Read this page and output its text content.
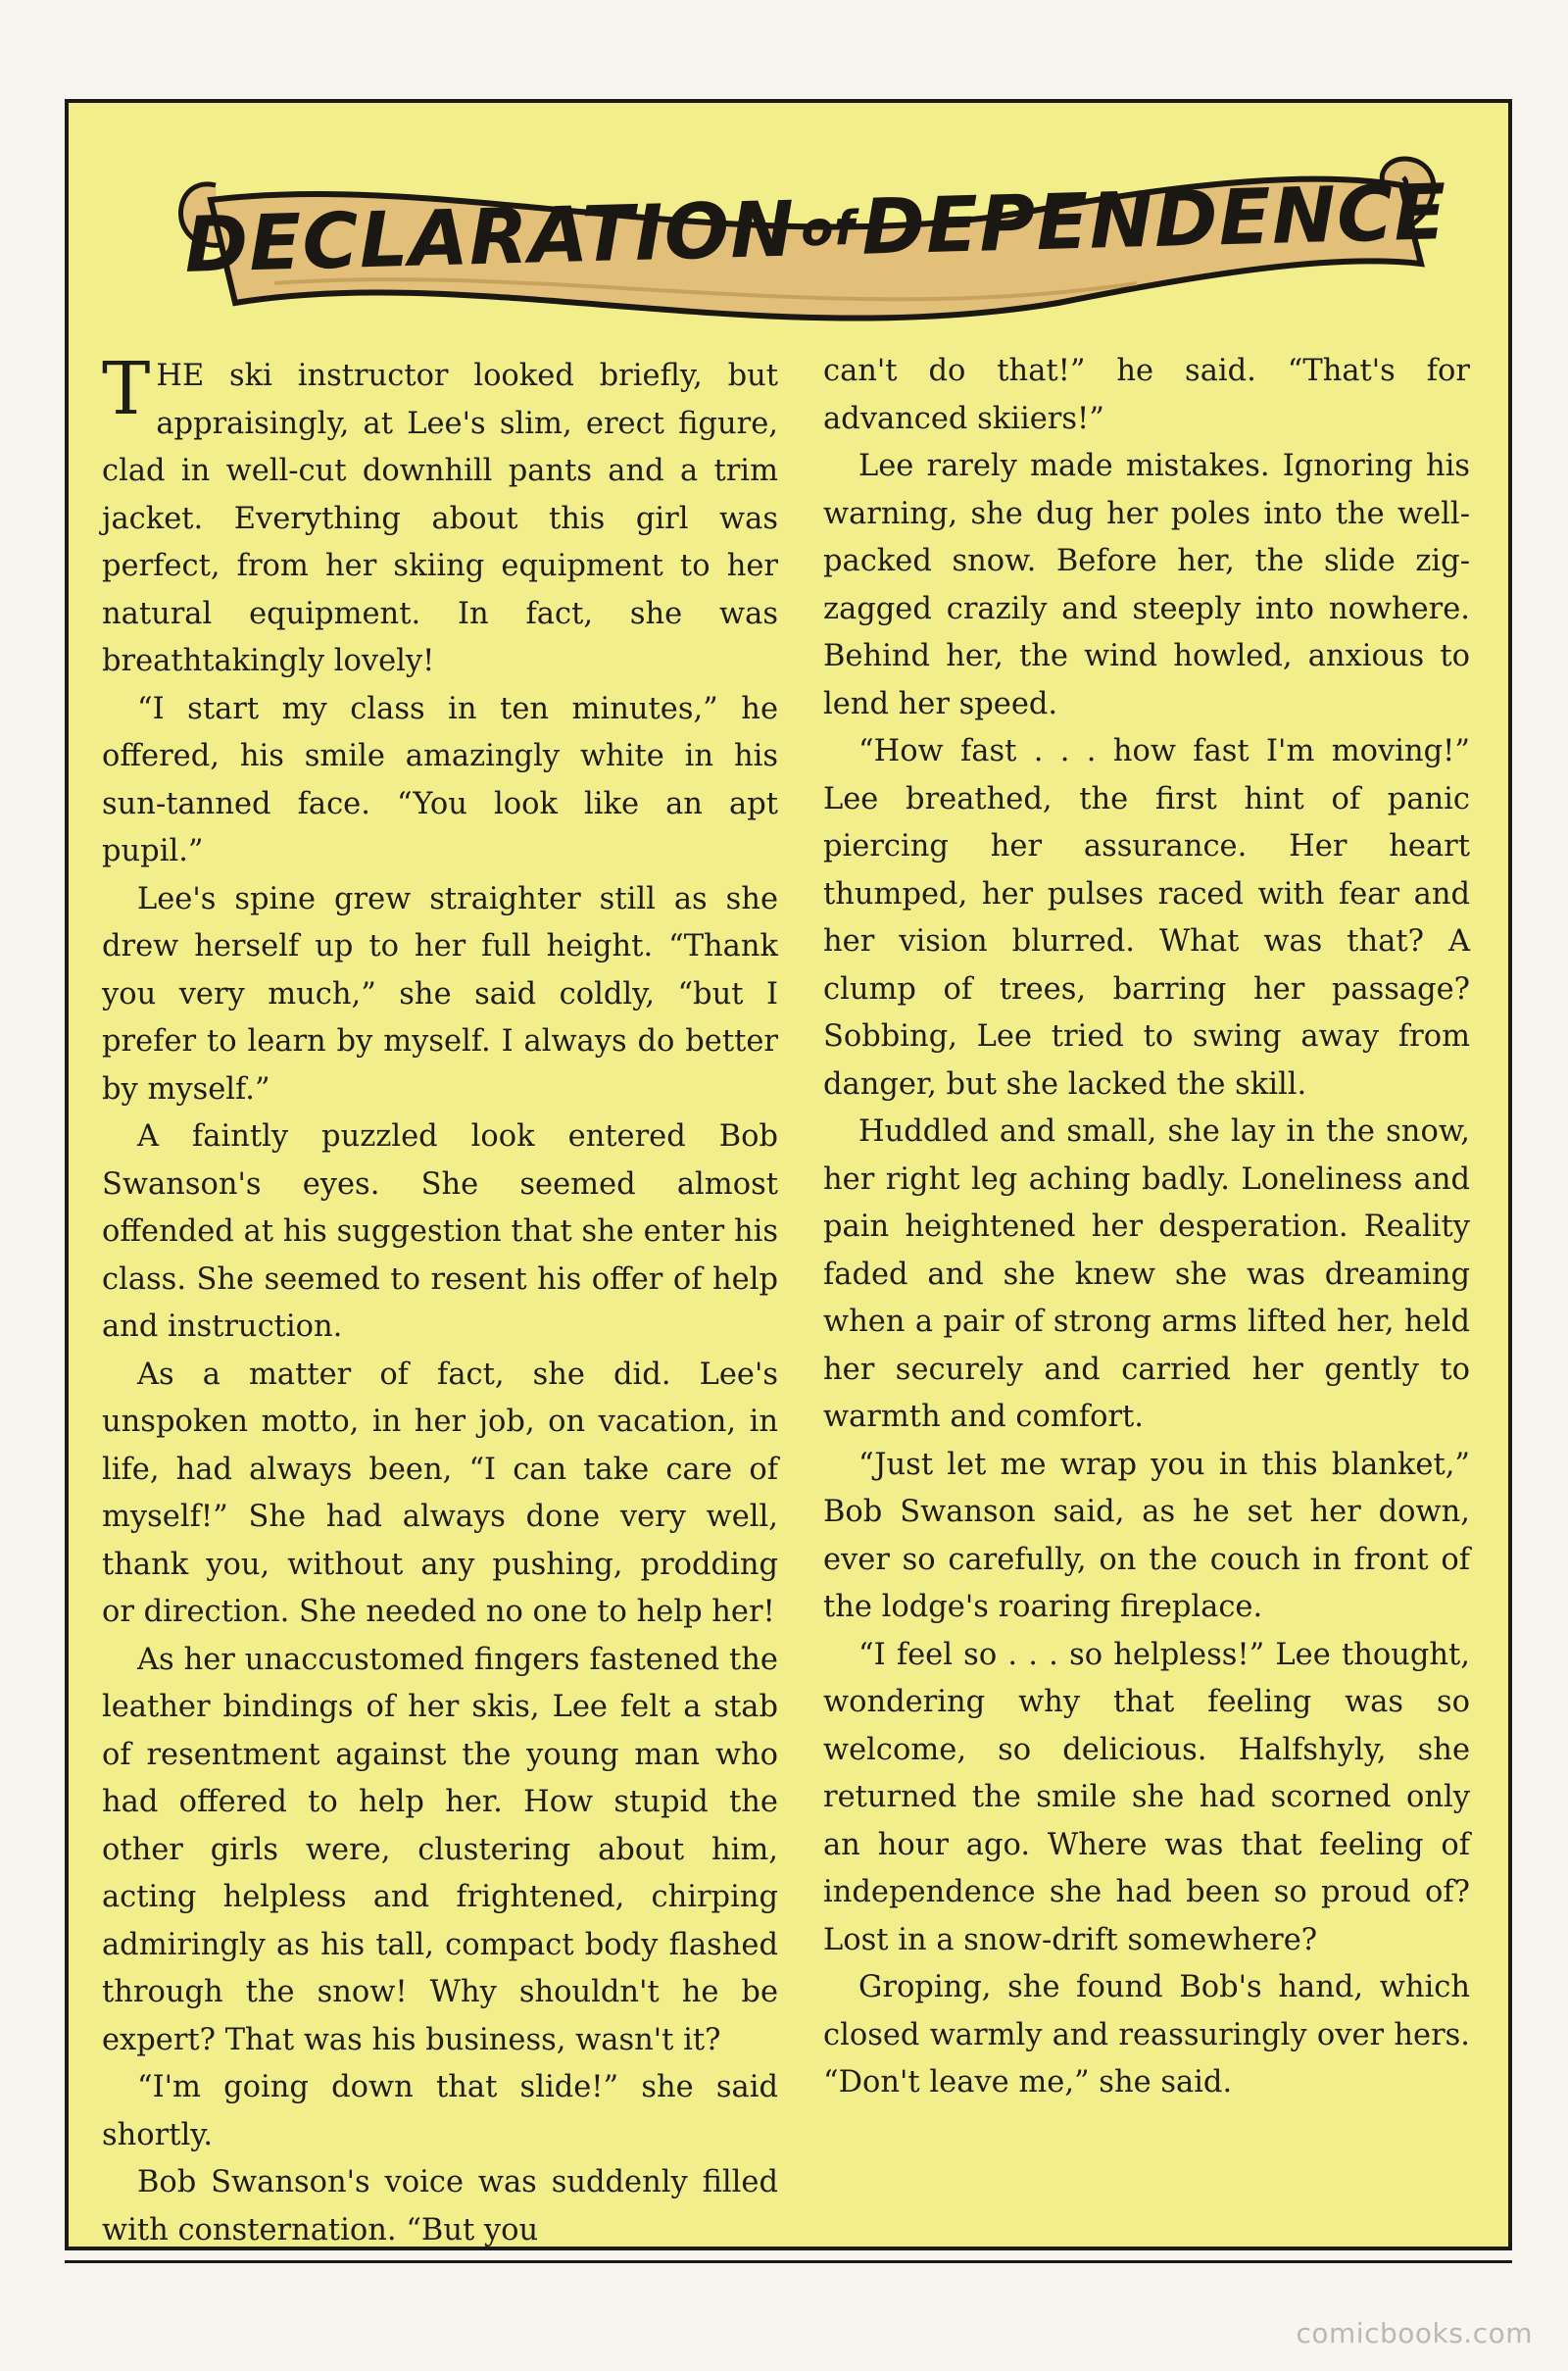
DECLARATION of DEPENDENCE

THE ski instructor looked briefly, but appraisingly, at Lee's slim, erect figure, clad in well-cut downhill pants and a trim jacket. Everything about this girl was perfect, from her skiing equipment to her natural equipment. In fact, she was breathtakingly lovely!

“I start my class in ten minutes,” he offered, his smile amazingly white in his sun-tanned face. “You look like an apt pupil.”

Lee's spine grew straighter still as she drew herself up to her full height. “Thank you very much,” she said coldly, “but I prefer to learn by myself. I always do better by myself.”

A faintly puzzled look entered Bob Swanson's eyes. She seemed almost offended at his suggestion that she enter his class. She seemed to resent his offer of help and instruction.

As a matter of fact, she did. Lee's unspoken motto, in her job, on vacation, in life, had always been, “I can take care of myself!” She had always done very well, thank you, without any pushing, prodding or direction. She needed no one to help her!

As her unaccustomed fingers fastened the leather bindings of her skis, Lee felt a stab of resentment against the young man who had offered to help her. How stupid the other girls were, clustering about him, acting helpless and frightened, chirping admiringly as his tall, compact body flashed through the snow! Why shouldn't he be expert? That was his business, wasn't it?

“I'm going down that slide!” she said shortly.

Bob Swanson's voice was suddenly filled with consternation. “But you

can't do that!” he said. “That's for advanced skiiers!”

Lee rarely made mistakes. Ignoring his warning, she dug her poles into the well-packed snow. Before her, the slide zig-zagged crazily and steeply into nowhere. Behind her, the wind howled, anxious to lend her speed.

“How fast . . . how fast I'm moving!” Lee breathed, the first hint of panic piercing her assurance. Her heart thumped, her pulses raced with fear and her vision blurred. What was that? A clump of trees, barring her passage? Sobbing, Lee tried to swing away from danger, but she lacked the skill.

Huddled and small, she lay in the snow, her right leg aching badly. Loneliness and pain heightened her desperation. Reality faded and she knew she was dreaming when a pair of strong arms lifted her, held her securely and carried her gently to warmth and comfort.

“Just let me wrap you in this blanket,” Bob Swanson said, as he set her down, ever so carefully, on the couch in front of the lodge's roaring fireplace.

“I feel so . . . so helpless!” Lee thought, wondering why that feeling was so welcome, so delicious. Halfshyly, she returned the smile she had scorned only an hour ago. Where was that feeling of independence she had been so proud of? Lost in a snow-drift somewhere?

Groping, she found Bob's hand, which closed warmly and reassuringly over hers. “Don't leave me,” she said.

comicbooks.com
